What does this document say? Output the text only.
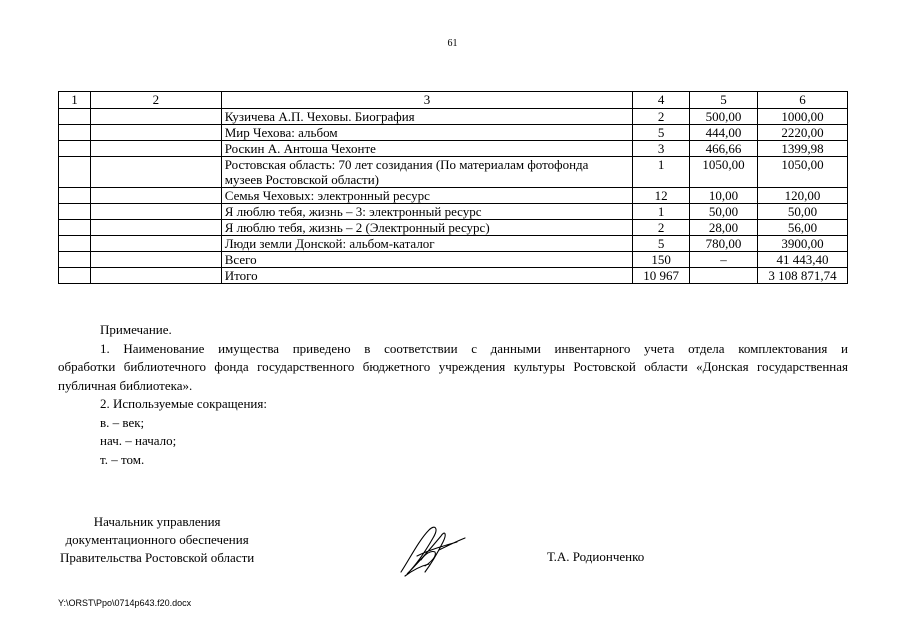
61
1	2	3	4	5	6
		Кузичева А.П. Чеховы. Биография	2	500,00	1000,00
		Мир Чехова: альбом	5	444,00	2220,00
		Роскин А. Антоша Чехонте	3	466,66	1399,98
		Ростовская область: 70 лет созидания (По материалам фотофонда музеев Ростовской области)	1	1050,00	1050,00
		Семья Чеховых: электронный ресурс	12	10,00	120,00
		Я люблю тебя, жизнь – 3: электронный ресурс	1	50,00	50,00
		Я люблю тебя, жизнь – 2 (Электронный ресурс)	2	28,00	56,00
		Люди земли Донской: альбом-каталог	5	780,00	3900,00
		Всего	150	–	41 443,40
		Итого	10 967		3 108 871,74

Примечание.

1. Наименование имущества приведено в соответствии с данными инвентарного учета отдела комплектования и
обработки библиотечного фонда государственного бюджетного учреждения культуры Ростовской области «Донская государственная публичная библиотека».

2. Используемые сокращения:

в. – век;

нач. – начало;

т. – том.

Начальник управления
документационного обеспечения
Правительства Ростовской области	Т.А. Родионченко
Y:\ORST\Ppo\0714p643.f20.docx
